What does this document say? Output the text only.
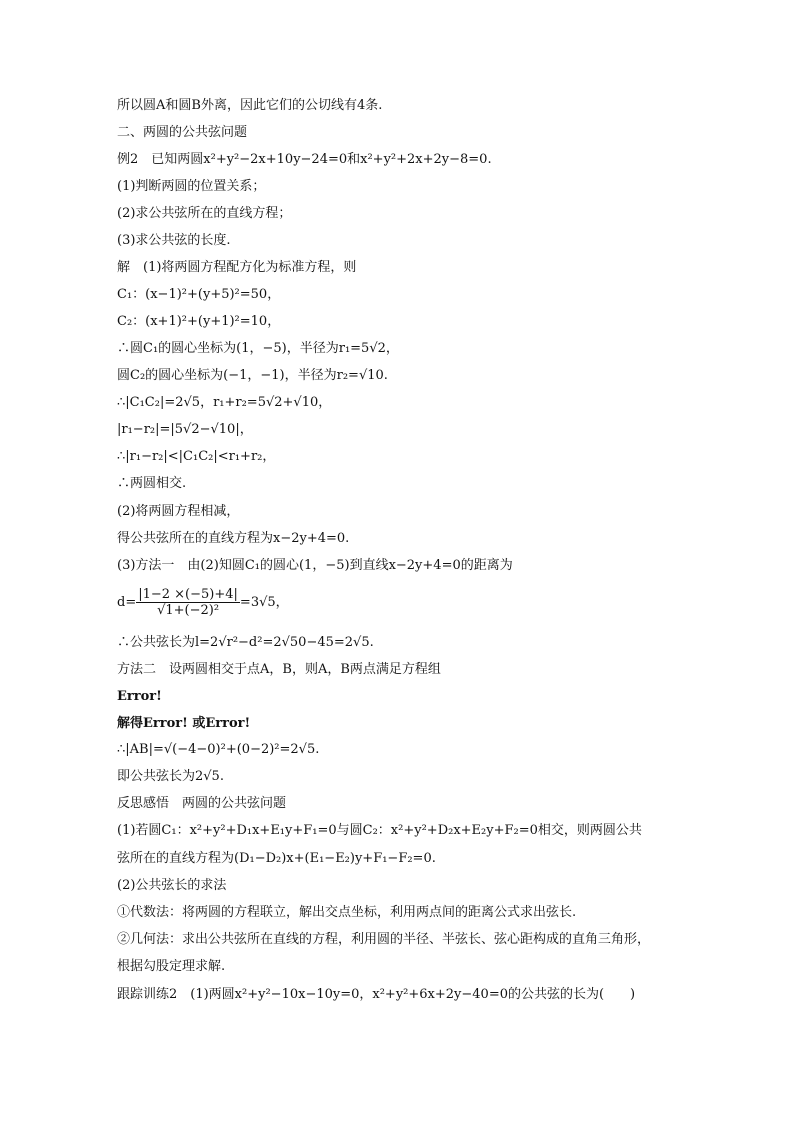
所以圆A和圆B外离，因此它们的公切线有4条.
二、两圆的公共弦问题
例2　已知两圆x²+y²−2x+10y−24=0和x²+y²+2x+2y−8=0.
(1)判断两圆的位置关系；
(2)求公共弦所在的直线方程；
(3)求公共弦的长度.
解　(1)将两圆方程配方化为标准方程，则
C₁：(x−1)²+(y+5)²=50，
C₂：(x+1)²+(y+1)²=10，
∴圆C₁的圆心坐标为(1，−5)，半径为r₁=5√2，
圆C₂的圆心坐标为(−1，−1)，半径为r₂=√10.
∴|C₁C₂|=2√5，r₁+r₂=5√2+√10，
|r₁−r₂|=|5√2−√10|，
∴|r₁−r₂|<|C₁C₂|<r₁+r₂，
∴两圆相交.
(2)将两圆方程相减，
得公共弦所在的直线方程为x−2y+4=0.
(3)方法一　由(2)知圆C₁的圆心(1，−5)到直线x−2y+4=0的距离为
$d= \frac{|1-2 \times(-5)+4|}{\text{√1+(−2)²}} =3√5$，
∴公共弦长为l=2√r²−d²=2√50−45=2√5.
方法二　设两圆相交于点A，B，则A，B两点满足方程组
Error!
解得Error! 或Error!
∴|AB|=√(−4−0)²+(0−2)²=2√5.
即公共弦长为2√5.
反思感悟　两圆的公共弦问题
(1)若圆C₁：x²+y²+D₁x+E₁y+F₁=0与圆C₂：x²+y²+D₂x+E₂y+F₂=0相交，则两圆公共
弦所在的直线方程为(D₁−D₂)x+(E₁−E₂)y+F₁−F₂=0.
(2)公共弦长的求法
①代数法：将两圆的方程联立，解出交点坐标，利用两点间的距离公式求出弦长.
②几何法：求出公共弦所在直线的方程，利用圆的半径、半弦长、弦心距构成的直角三角形，
根据勾股定理求解.
跟踪训练2　(1)两圆x²+y²−10x−10y=0，x²+y²+6x+2y−40=0的公共弦的长为(　　)
